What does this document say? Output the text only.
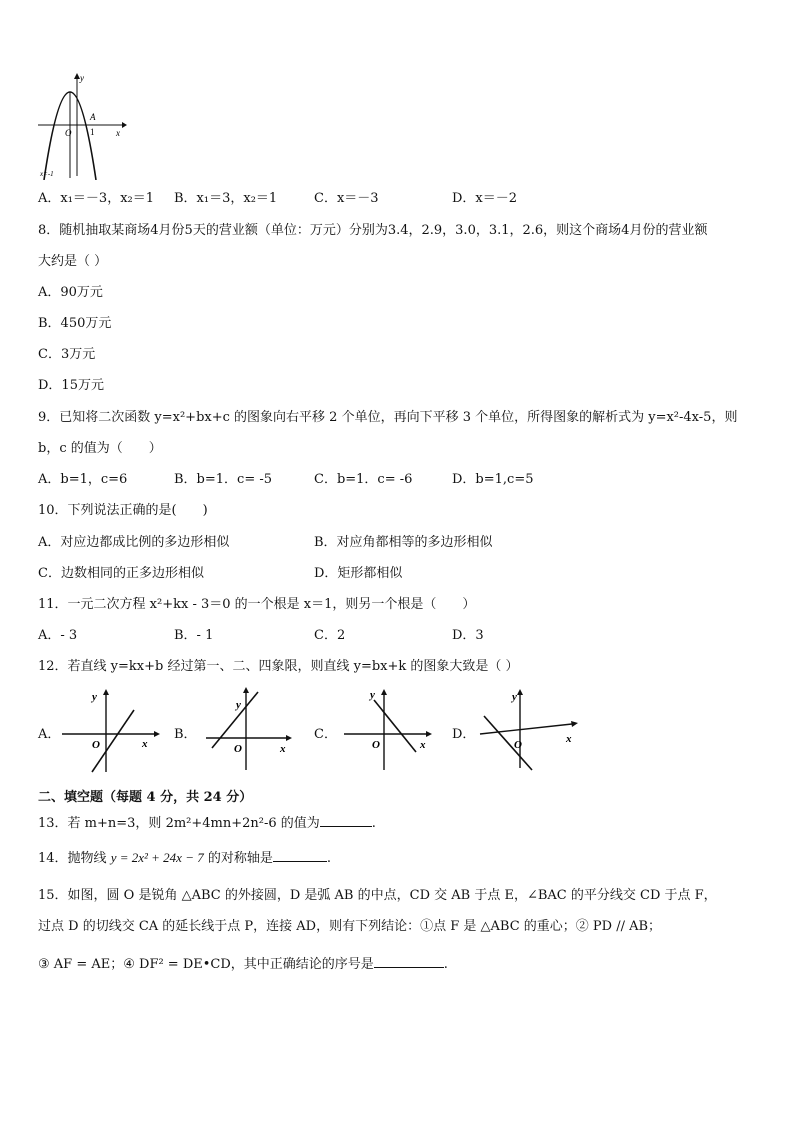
y
x
O
A
1
x=-1
A．x₁＝－3，x₂＝1 B．x₁＝3，x₂＝1	C．x＝－3	D．x＝－2
8．随机抽取某商场4月份5天的营业额（单位：万元）分别为3.4，2.9，3.0，3.1，2.6，则这个商场4月份的营业额
大约是（ ）
A．90万元
B．450万元
C．3万元
D．15万元
9．已知将二次函数 y=x²+bx+c 的图象向右平移 2 个单位，再向下平移 3 个单位，所得图象的解析式为 y=x²-4x-5，则
b，c 的值为（　　）
A．b=1，c=6	B．b=1．c= -5	C．b=1．c= -6	D．b=1,c=5
10．下列说法正确的是(　　)
A．对应边都成比例的多边形相似	B．对应角都相等的多边形相似
C．边数相同的正多边形相似	D．矩形都相似
11．一元二次方程 x²+kx - 3＝0 的一个根是 x＝1，则另一个根是（　　）
A．- 3	B．- 1	C．2	D．3
12．若直线 y=kx+b 经过第一、二、四象限，则直线 y=bx+k 的图象大致是（ ）
A．
y
O	x
B．
y
O	x
C．
y
O	x
D．
y
O	x
二、填空题（每题 4 分，共 24 分）
13．若 m+n=3，则 2m²+4mn+2n²-6 的值为	.
14．抛物线 y = 2x² + 24x − 7 的对称轴是	.
15．如图，圆 O 是锐角 △ABC 的外接圆，D 是弧 AB 的中点，CD 交 AB 于点 E，∠BAC 的平分线交 CD 于点 F，
过点 D 的切线交 CA 的延长线于点 P，连接 AD，则有下列结论：①点 F 是 △ABC 的重心；② PD // AB；
③ AF = AE；④ DF² = DE•CD，其中正确结论的序号是	.
